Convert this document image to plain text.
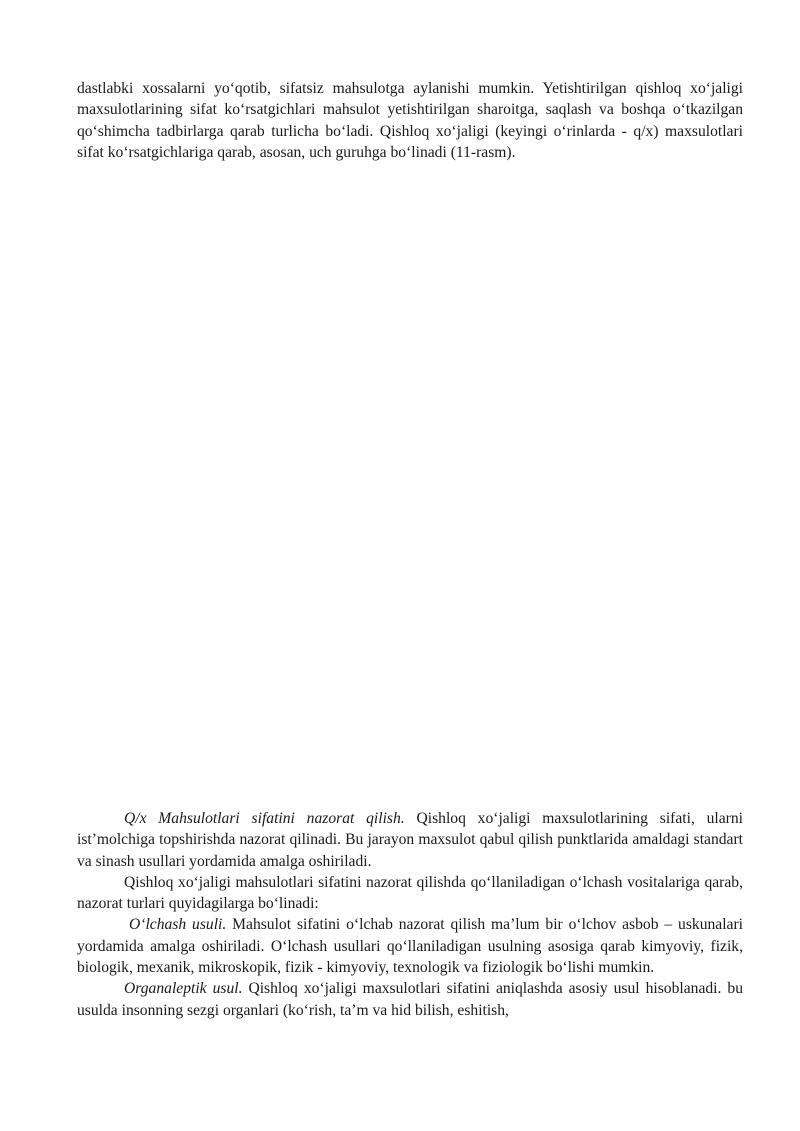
dastlabki xossalarni yo‘qotib, sifatsiz mahsulotga aylanishi mumkin. Yetishtirilgan qishloq xo‘jaligi maxsulotlarining sifat ko‘rsatgichlari mahsulot yetishtirilgan sharoitga, saqlash va boshqa o‘tkazilgan qo‘shimcha tadbirlarga qarab turlicha bo‘ladi. Qishloq xo‘jaligi (keyingi o‘rinlarda - q/x) maxsulotlari sifat ko‘rsatgichlariga qarab, asosan, uch guruhga bo‘linadi (11-rasm).

Q/x Mahsulotlari sifatini nazorat qilish. Qishloq xo‘jaligi maxsulotlarining sifati, ularni ist’molchiga topshirishda nazorat qilinadi. Bu jarayon maxsulot qabul qilish punktlarida amaldagi standart va sinash usullari yordamida amalga oshiriladi.

Qishloq xo‘jaligi mahsulotlari sifatini nazorat qilishda qo‘llaniladigan o‘lchash vositalariga qarab, nazorat turlari quyidagilarga bo‘linadi:

O‘lchash usuli. Mahsulot sifatini o‘lchab nazorat qilish ma’lum bir o‘lchov asbob – uskunalari yordamida amalga oshiriladi. O‘lchash usullari qo‘llaniladigan usulning asosiga qarab kimyoviy, fizik, biologik, mexanik, mikroskopik, fizik - kimyoviy, texnologik va fiziologik bo‘lishi mumkin.

Organaleptik usul. Qishloq xo‘jaligi maxsulotlari sifatini aniqlashda asosiy usul hisoblanadi. bu usulda insonning sezgi organlari (ko‘rish, ta’m va hid bilish, eshitish,
